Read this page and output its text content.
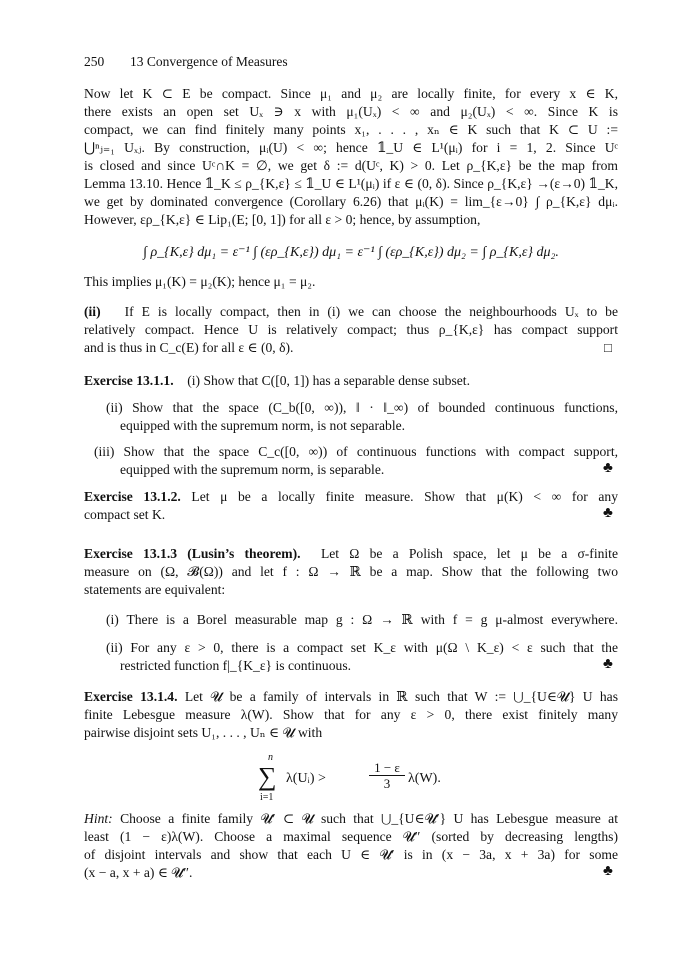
250 13 Convergence of Measures
Now let K ⊂ E be compact. Since μ₁ and μ₂ are locally finite, for every x ∈ K,
there exists an open set Uₓ ∋ x with μ₁(Uₓ) < ∞ and μ₂(Uₓ) < ∞. Since K is
compact, we can find finitely many points x₁, . . . , xₙ ∈ K such that K ⊂ U :=
⋃ⁿⱼ₌₁ Uₓⱼ. By construction, μᵢ(U) < ∞; hence 𝟙_U ∈ L¹(μᵢ) for i = 1, 2. Since Uᶜ
is closed and since Uᶜ∩K = ∅, we get δ := d(Uᶜ, K) > 0. Let ρ_{K,ε} be the map from
Lemma 13.10. Hence 𝟙_K ≤ ρ_{K,ε} ≤ 𝟙_U ∈ L¹(μᵢ) if ε ∈ (0, δ). Since ρ_{K,ε} →(ε→0) 𝟙_K,
we get by dominated convergence (Corollary 6.26) that μᵢ(K) = lim_{ε→0} ∫ ρ_{K,ε} dμᵢ.
However, ερ_{K,ε} ∈ Lip₁(E; [0, 1]) for all ε > 0; hence, by assumption,
∫ ρ_{K,ε} dμ₁ = ε⁻¹ ∫ (ερ_{K,ε}) dμ₁ = ε⁻¹ ∫ (ερ_{K,ε}) dμ₂ = ∫ ρ_{K,ε} dμ₂.
This implies μ₁(K) = μ₂(K); hence μ₁ = μ₂.
(ii) If E is locally compact, then in (i) we can choose the neighbourhoods Uₓ to be
relatively compact. Hence U is relatively compact; thus ρ_{K,ε} has compact support
and is thus in C_c(E) for all ε ∈ (0, δ).	□
Exercise 13.1.1. (i) Show that C([0, 1]) has a separable dense subset.
(ii) Show that the space (C_b([0, ∞)), ‖ · ‖_∞) of bounded continuous functions,
equipped with the supremum norm, is not separable.
(iii) Show that the space C_c([0, ∞)) of continuous functions with compact support,
equipped with the supremum norm, is separable.	♣
Exercise 13.1.2. Let μ be a locally finite measure. Show that μ(K) < ∞ for any
compact set K.	♣
Exercise 13.1.3 (Lusin’s theorem). Let Ω be a Polish space, let μ be a σ-finite
measure on (Ω, 𝓑(Ω)) and let f : Ω → ℝ be a map. Show that the following two
statements are equivalent:
(i) There is a Borel measurable map g : Ω → ℝ with f = g μ-almost everywhere.
(ii) For any ε > 0, there is a compact set K_ε with μ(Ω \ K_ε) < ε such that the
restricted function f|_{K_ε} is continuous.	♣
Exercise 13.1.4. Let 𝓤 be a family of intervals in ℝ such that W := ⋃_{U∈𝓤} U has
finite Lebesgue measure λ(W). Show that for any ε > 0, there exist finitely many
pairwise disjoint sets U₁, . . . , Uₙ ∈ 𝓤 with
n
∑
i=1
λ(Uᵢ) >	$\frac{1 - \varepsilon}{3} \lambda(W)$.
Hint: Choose a finite family 𝓤′ ⊂ 𝓤 such that ⋃_{U∈𝓤′} U has Lebesgue measure at
least (1 − ε)λ(W). Choose a maximal sequence 𝓤″ (sorted by decreasing lengths)
of disjoint intervals and show that each U ∈ 𝓤′ is in (x − 3a, x + 3a) for some
(x − a, x + a) ∈ 𝓤″.	♣
